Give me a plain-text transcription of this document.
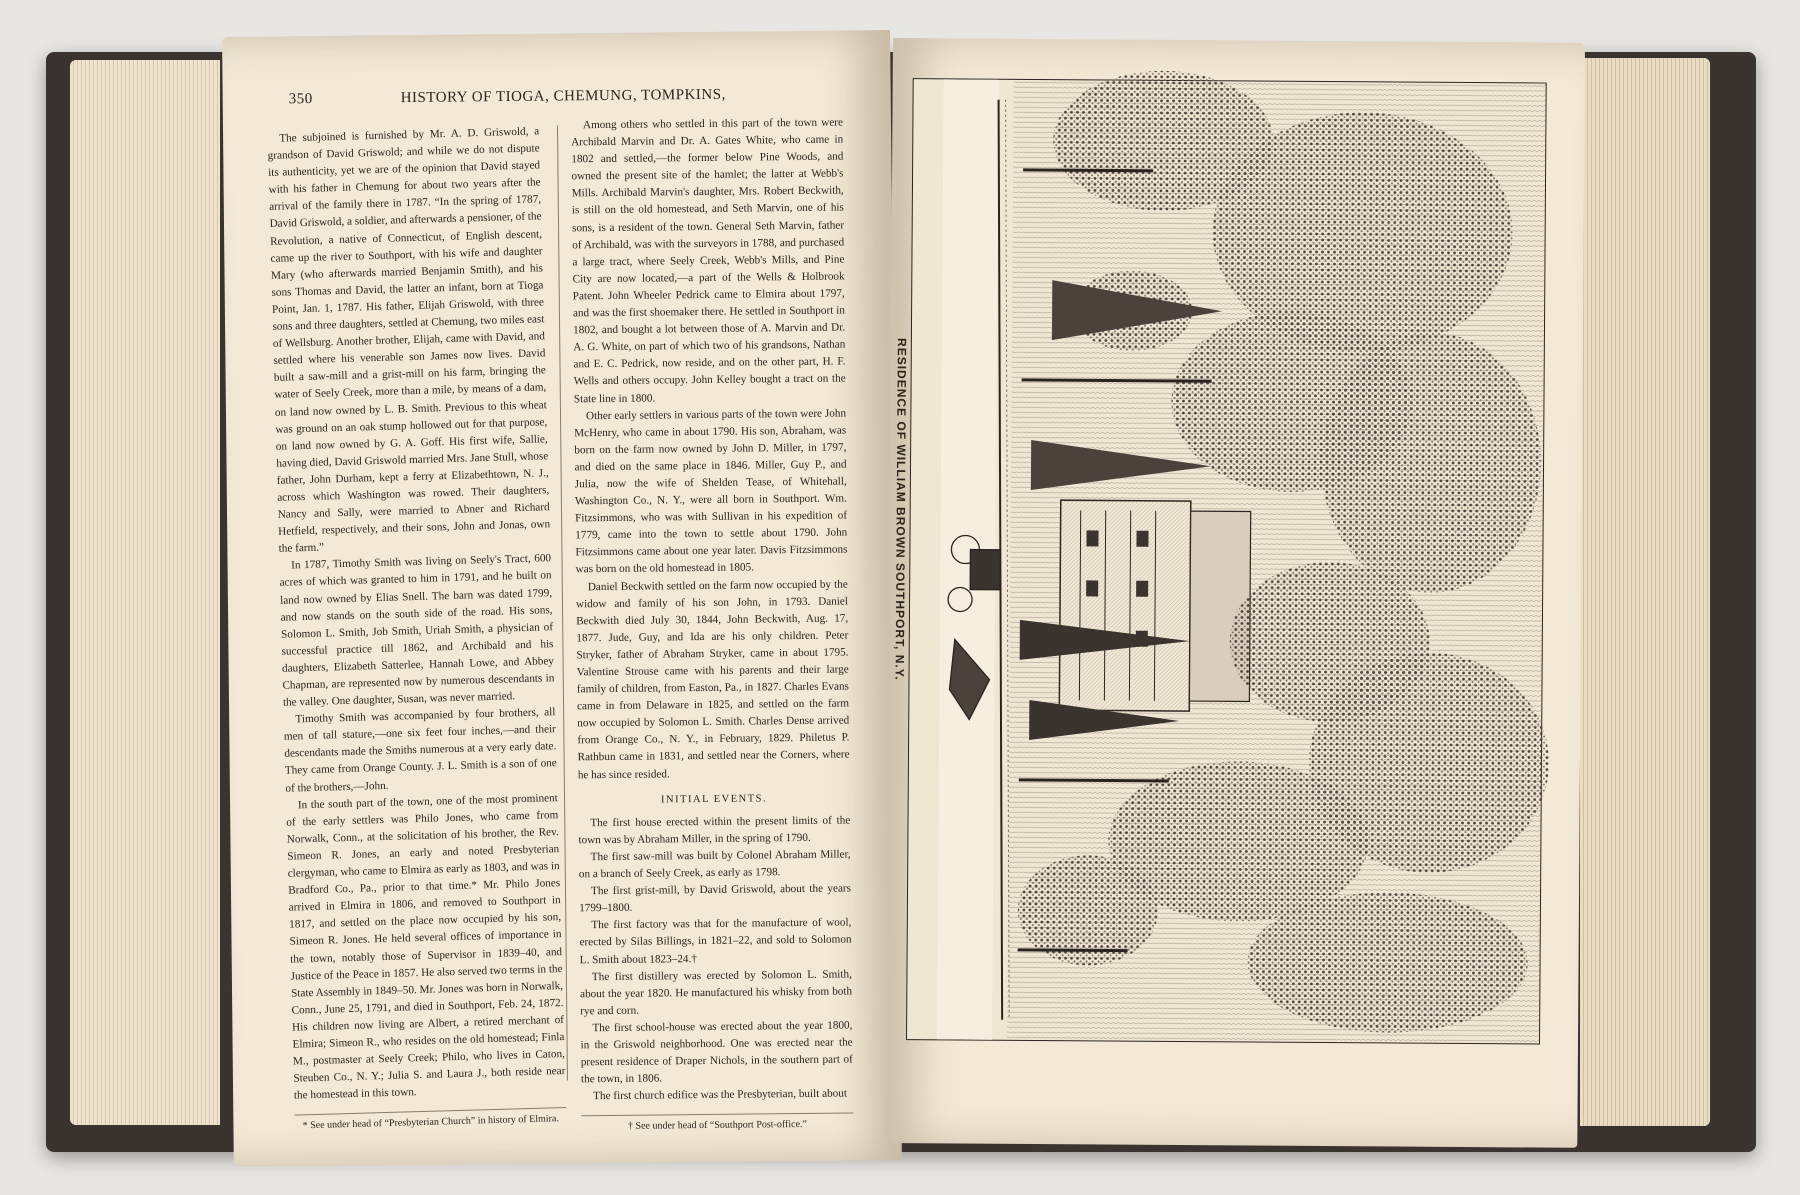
350	HISTORY OF TIOGA, CHEMUNG, TOMPKINS,

The subjoined is furnished by Mr. A. D. Griswold, a grandson of David Griswold; and while we do not dispute its authenticity, yet we are of the opinion that David stayed with his father in Chemung for about two years after the arrival of the family there in 1787. “In the spring of 1787, David Griswold, a soldier, and afterwards a pensioner, of the Revolution, a native of Connecticut, of English descent, came up the river to Southport, with his wife and daughter Mary (who afterwards married Benjamin Smith), and his sons Thomas and David, the latter an infant, born at Tioga Point, Jan. 1, 1787. His father, Elijah Griswold, with three sons and three daughters, settled at Chemung, two miles east of Wellsburg. Another brother, Elijah, came with David, and settled where his venerable son James now lives. David built a saw-mill and a grist-mill on his farm, bringing the water of Seely Creek, more than a mile, by means of a dam, on land now owned by L. B. Smith. Previous to this wheat was ground on an oak stump hollowed out for that purpose, on land now owned by G. A. Goff. His first wife, Sallie, having died, David Griswold married Mrs. Jane Stull, whose father, John Durham, kept a ferry at Elizabethtown, N. J., across which Washington was rowed. Their daughters, Nancy and Sally, were married to Abner and Richard Hetfield, respectively, and their sons, John and Jonas, own the farm.”

In 1787, Timothy Smith was living on Seely's Tract, 600 acres of which was granted to him in 1791, and he built on land now owned by Elias Snell. The barn was dated 1799, and now stands on the south side of the road. His sons, Solomon L. Smith, Job Smith, Uriah Smith, a physician of successful practice till 1862, and Archibald and his daughters, Elizabeth Satterlee, Hannah Lowe, and Abbey Chapman, are represented now by numerous descendants in the valley. One daughter, Susan, was never married.

Timothy Smith was accompanied by four brothers, all men of tall stature,—one six feet four inches,—and their descendants made the Smiths numerous at a very early date. They came from Orange County. J. L. Smith is a son of one of the brothers,—John.

In the south part of the town, one of the most prominent of the early settlers was Philo Jones, who came from Norwalk, Conn., at the solicitation of his brother, the Rev. Simeon R. Jones, an early and noted Presbyterian clergyman, who came to Elmira as early as 1803, and was in Bradford Co., Pa., prior to that time.* Mr. Philo Jones arrived in Elmira in 1806, and removed to Southport in 1817, and settled on the place now occupied by his son, Simeon R. Jones. He held several offices of importance in the town, notably those of Supervisor in 1839–40, and Justice of the Peace in 1857. He also served two terms in the State Assembly in 1849–50. Mr. Jones was born in Norwalk, Conn., June 25, 1791, and died in Southport, Feb. 24, 1872. His children now living are Albert, a retired merchant of Elmira; Simeon R., who resides on the old homestead; Finla M., postmaster at Seely Creek; Philo, who lives in Caton, Steuben Co., N. Y.; Julia S. and Laura J., both reside near the homestead in this town.

* See under head of “Presbyterian Church” in history of Elmira.

Among others who settled in this part of the town were Archibald Marvin and Dr. A. Gates White, who came in 1802 and settled,—the former below Pine Woods, and owned the present site of the hamlet; the latter at Webb's Mills. Archibald Marvin's daughter, Mrs. Robert Beckwith, is still on the old homestead, and Seth Marvin, one of his sons, is a resident of the town. General Seth Marvin, father of Archibald, was with the surveyors in 1788, and purchased a large tract, where Seely Creek, Webb's Mills, and Pine City are now located,—a part of the Wells & Holbrook Patent. John Wheeler Pedrick came to Elmira about 1797, and was the first shoemaker there. He settled in Southport in 1802, and bought a lot between those of A. Marvin and Dr. A. G. White, on part of which two of his grandsons, Nathan and E. C. Pedrick, now reside, and on the other part, H. F. Wells and others occupy. John Kelley bought a tract on the State line in 1800.

Other early settlers in various parts of the town were John McHenry, who came in about 1790. His son, Abraham, was born on the farm now owned by John D. Miller, in 1797, and died on the same place in 1846. Miller, Guy P., and Julia, now the wife of Shelden Tease, of Whitehall, Washington Co., N. Y., were all born in Southport. Wm. Fitzsimmons, who was with Sullivan in his expedition of 1779, came into the town to settle about 1790. John Fitzsimmons came about one year later. Davis Fitzsimmons was born on the old homestead in 1805.

Daniel Beckwith settled on the farm now occupied by the widow and family of his son John, in 1793. Daniel Beckwith died July 30, 1844, John Beckwith, Aug. 17, 1877. Jude, Guy, and Ida are his only children. Peter Stryker, father of Abraham Stryker, came in about 1795. Valentine Strouse came with his parents and their large family of children, from Easton, Pa., in 1827. Charles Evans came in from Delaware in 1825, and settled on the farm now occupied by Solomon L. Smith. Charles Dense arrived from Orange Co., N. Y., in February, 1829. Philetus P. Rathbun came in 1831, and settled near the Corners, where he has since resided.

INITIAL EVENTS.

The first house erected within the present limits of the town was by Abraham Miller, in the spring of 1790.

The first saw-mill was built by Colonel Abraham Miller, on a branch of Seely Creek, as early as 1798.

The first grist-mill, by David Griswold, about the years 1799–1800.

The first factory was that for the manufacture of wool, erected by Silas Billings, in 1821–22, and sold to Solomon L. Smith about 1823–24.†

The first distillery was erected by Solomon L. Smith, about the year 1820. He manufactured his whisky from both rye and corn.

The first school-house was erected about the year 1800, in the Griswold neighborhood. One was erected near the present residence of Draper Nichols, in the southern part of the town, in 1806.

The first church edifice was the Presbyterian, built about

† See under head of “Southport Post-office.”
RESIDENCE OF WILLIAM BROWN SOUTHPORT, N.Y.
